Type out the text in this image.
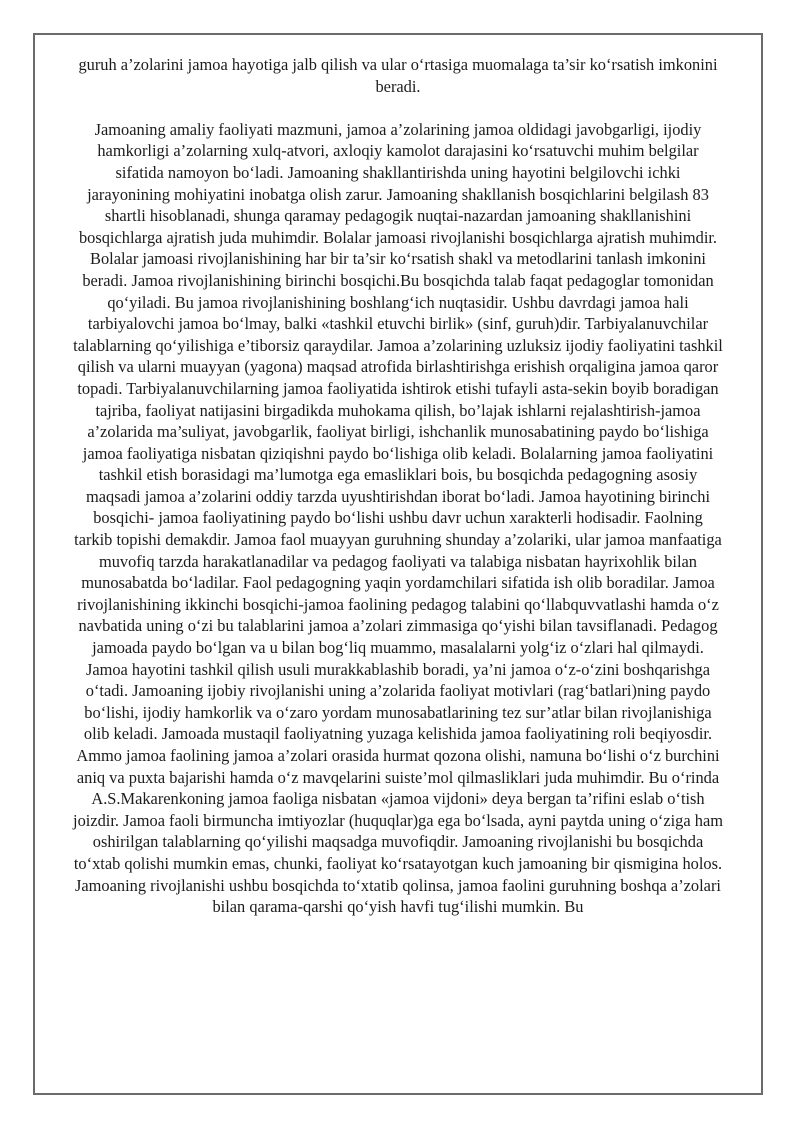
guruh a’zolarini jamoa hayotiga jalb qilish va ular o‘rtasiga muomalaga ta’sir ko‘rsatish imkonini beradi.

Jamoaning amaliy faoliyati mazmuni, jamoa a’zolarining jamoa oldidagi javobgarligi, ijodiy hamkorligi a’zolarning xulq-atvori, axloqiy kamolot darajasini ko‘rsatuvchi muhim belgilar sifatida namoyon bo‘ladi. Jamoaning shakllantirishda uning hayotini belgilovchi ichki jarayonining mohiyatini inobatga olish zarur. Jamoaning shakllanish bosqichlarini belgilash 83 shartli hisoblanadi, shunga qaramay pedagogik nuqtai-nazardan jamoaning shakllanishini bosqichlarga ajratish juda muhimdir. Bolalar jamoasi rivojlanishi bosqichlarga ajratish muhimdir. Bolalar jamoasi rivojlanishining har bir ta’sir ko‘rsatish shakl va metodlarini tanlash imkonini beradi. Jamoa rivojlanishining birinchi bosqichi.Bu bosqichda talab faqat pedagoglar tomonidan qo‘yiladi. Bu jamoa rivojlanishining boshlang‘ich nuqtasidir. Ushbu davrdagi jamoa hali tarbiyalovchi jamoa bo‘lmay, balki «tashkil etuvchi birlik» (sinf, guruh)dir. Tarbiyalanuvchilar talablarning qo‘yilishiga e’tiborsiz qaraydilar. Jamoa a’zolarining uzluksiz ijodiy faoliyatini tashkil qilish va ularni muayyan (yagona) maqsad atrofida birlashtirishga erishish orqaligina jamoa qaror topadi. Tarbiyalanuvchilarning jamoa faoliyatida ishtirok etishi tufayli asta-sekin boyib boradigan tajriba, faoliyat natijasini birgadikda muhokama qilish, bo’lajak ishlarni rejalashtirish-jamoa a’zolarida ma’suliyat, javobgarlik, faoliyat birligi, ishchanlik munosabatining paydo bo‘lishiga jamoa faoliyatiga nisbatan qiziqishni paydo bo‘lishiga olib keladi. Bolalarning jamoa faoliyatini tashkil etish borasidagi ma’lumotga ega emasliklari bois, bu bosqichda pedagogning asosiy maqsadi jamoa a’zolarini oddiy tarzda uyushtirishdan iborat bo‘ladi. Jamoa hayotining birinchi bosqichi- jamoa faoliyatining paydo bo‘lishi ushbu davr uchun xarakterli hodisadir. Faolning tarkib topishi demakdir. Jamoa faol muayyan guruhning shunday a’zolariki, ular jamoa manfaatiga muvofiq tarzda harakatlanadilar va pedagog faoliyati va talabiga nisbatan hayrixohlik bilan munosabatda bo‘ladilar. Faol pedagogning yaqin yordamchilari sifatida ish olib boradilar. Jamoa rivojlanishining ikkinchi bosqichi-jamoa faolining pedagog talabini qo‘llabquvvatlashi hamda o‘z navbatida uning o‘zi bu talablarini jamoa a’zolari zimmasiga qo‘yishi bilan tavsiflanadi. Pedagog jamoada paydo bo‘lgan va u bilan bog‘liq muammo, masalalarni yolg‘iz o‘zlari hal qilmaydi. Jamoa hayotini tashkil qilish usuli murakkablashib boradi, ya’ni jamoa o‘z-o‘zini boshqarishga o‘tadi. Jamoaning ijobiy rivojlanishi uning a’zolarida faoliyat motivlari (rag‘batlari)ning paydo bo‘lishi, ijodiy hamkorlik va o‘zaro yordam munosabatlarining tez sur’atlar bilan rivojlanishiga olib keladi. Jamoada mustaqil faoliyatning yuzaga kelishida jamoa faoliyatining roli beqiyosdir. Ammo jamoa faolining jamoa a’zolari orasida hurmat qozona olishi, namuna bo‘lishi o‘z burchini aniq va puxta bajarishi hamda o‘z mavqelarini suiste’mol qilmasliklari juda muhimdir. Bu o‘rinda A.S.Makarenkoning jamoa faoliga nisbatan «jamoa vijdoni» deya bergan ta’rifini eslab o‘tish joizdir. Jamoa faoli birmuncha imtiyozlar (huquqlar)ga ega bo‘lsada, ayni paytda uning o‘ziga ham oshirilgan talablarning qo‘yilishi maqsadga muvofiqdir. Jamoaning rivojlanishi bu bosqichda to‘xtab qolishi mumkin emas, chunki, faoliyat ko‘rsatayotgan kuch jamoaning bir qismigina holos. Jamoaning rivojlanishi ushbu bosqichda to‘xtatib qolinsa, jamoa faolini guruhning boshqa a’zolari bilan qarama-qarshi qo‘yish havfi tug‘ilishi mumkin. Bu
